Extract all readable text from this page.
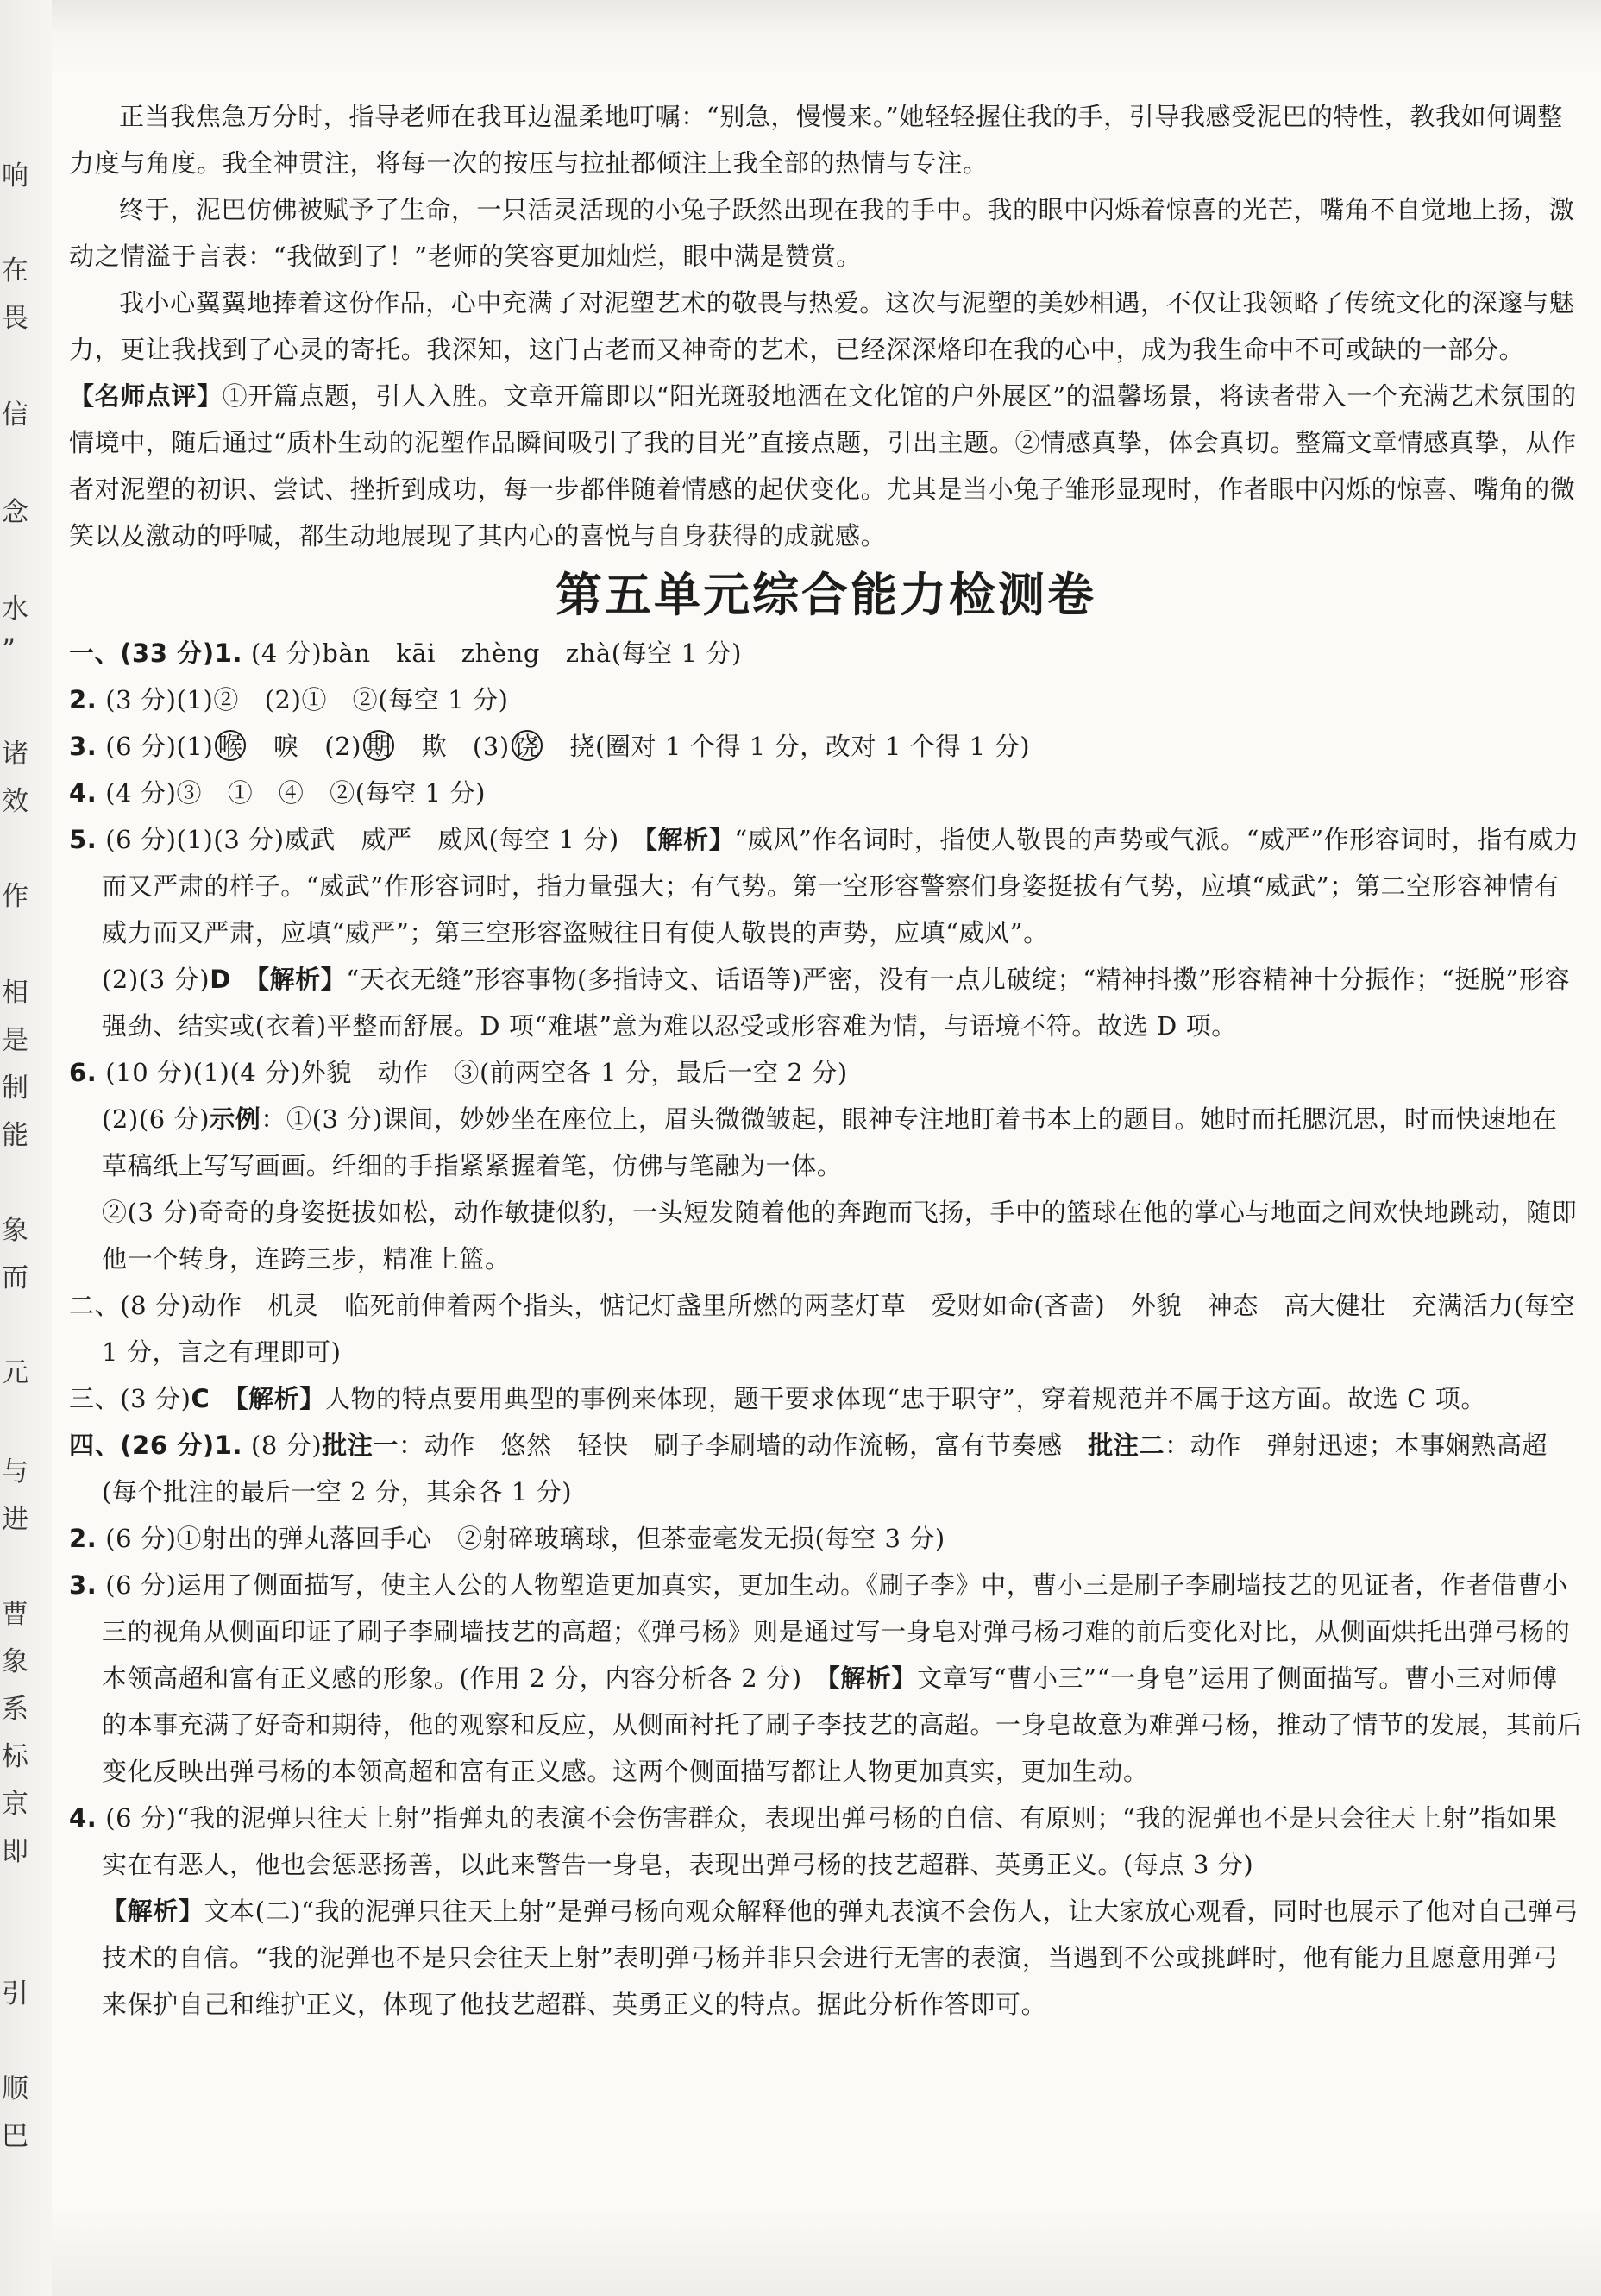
响
在
畏
信
念
水
”
诸
效
作
相
是
制
能
象
而
元
与
进
曹
象
系
标
京
即
引
顺
巴

正当我焦急万分时，指导老师在我耳边温柔地叮嘱：“别急，慢慢来。”她轻轻握住我的手，引导我感受泥巴的特性，教我如何调整力度与角度。我全神贯注，将每一次的按压与拉扯都倾注上我全部的热情与专注。

终于，泥巴仿佛被赋予了生命，一只活灵活现的小兔子跃然出现在我的手中。我的眼中闪烁着惊喜的光芒，嘴角不自觉地上扬，激动之情溢于言表：“我做到了！”老师的笑容更加灿烂，眼中满是赞赏。

我小心翼翼地捧着这份作品，心中充满了对泥塑艺术的敬畏与热爱。这次与泥塑的美妙相遇，不仅让我领略了传统文化的深邃与魅力，更让我找到了心灵的寄托。我深知，这门古老而又神奇的艺术，已经深深烙印在我的心中，成为我生命中不可或缺的一部分。

【名师点评】①开篇点题，引人入胜。文章开篇即以“阳光斑驳地洒在文化馆的户外展区”的温馨场景，将读者带入一个充满艺术氛围的情境中，随后通过“质朴生动的泥塑作品瞬间吸引了我的目光”直接点题，引出主题。②情感真挚，体会真切。整篇文章情感真挚，从作者对泥塑的初识、尝试、挫折到成功，每一步都伴随着情感的起伏变化。尤其是当小兔子雏形显现时，作者眼中闪烁的惊喜、嘴角的微笑以及激动的呼喊，都生动地展现了其内心的喜悦与自身获得的成就感。

第五单元综合能力检测卷

一、(33 分)1. (4 分)bàn　kāi　zhèng　zhà(每空 1 分)

2. (3 分)(1)②　(2)①　②(每空 1 分)

3. (6 分)(1) 喉　唳　(2) 期　欺　(3) 饶　挠(圈对 1 个得 1 分，改对 1 个得 1 分)

4. (4 分)③　①　④　②(每空 1 分)

5. (6 分)(1)(3 分)威武　威严　威风(每空 1 分)　【解析】“威风”作名词时，指使人敬畏的声势或气派。“威严”作形容词时，指有威力而又严肃的样子。“威武”作形容词时，指力量强大；有气势。第一空形容警察们身姿挺拔有气势，应填“威武”；第二空形容神情有威力而又严肃，应填“威严”；第三空形容盗贼往日有使人敬畏的声势，应填“威风”。

(2)(3 分)D　【解析】“天衣无缝”形容事物(多指诗文、话语等)严密，没有一点儿破绽；“精神抖擞”形容精神十分振作；“挺脱”形容强劲、结实或(衣着)平整而舒展。D 项“难堪”意为难以忍受或形容难为情，与语境不符。故选 D 项。

6. (10 分)(1)(4 分)外貌　动作　③(前两空各 1 分，最后一空 2 分)

(2)(6 分)示例：①(3 分)课间，妙妙坐在座位上，眉头微微皱起，眼神专注地盯着书本上的题目。她时而托腮沉思，时而快速地在草稿纸上写写画画。纤细的手指紧紧握着笔，仿佛与笔融为一体。

②(3 分)奇奇的身姿挺拔如松，动作敏捷似豹，一头短发随着他的奔跑而飞扬，手中的篮球在他的掌心与地面之间欢快地跳动，随即他一个转身，连跨三步，精准上篮。

二、(8 分)动作　机灵　临死前伸着两个指头，惦记灯盏里所燃的两茎灯草　爱财如命(吝啬)　外貌　神态　高大健壮　充满活力(每空 1 分，言之有理即可)

三、(3 分)C　【解析】人物的特点要用典型的事例来体现，题干要求体现“忠于职守”，穿着规范并不属于这方面。故选 C 项。

四、(26 分)1. (8 分)批注一：动作　悠然　轻快　刷子李刷墙的动作流畅，富有节奏感　批注二：动作　弹射迅速；本事娴熟高超(每个批注的最后一空 2 分，其余各 1 分)

2. (6 分)①射出的弹丸落回手心　②射碎玻璃球，但茶壶毫发无损(每空 3 分)

3. (6 分)运用了侧面描写，使主人公的人物塑造更加真实，更加生动。《刷子李》中，曹小三是刷子李刷墙技艺的见证者，作者借曹小三的视角从侧面印证了刷子李刷墙技艺的高超；《弹弓杨》则是通过写一身皂对弹弓杨刁难的前后变化对比，从侧面烘托出弹弓杨的本领高超和富有正义感的形象。(作用 2 分，内容分析各 2 分)　【解析】文章写“曹小三”“一身皂”运用了侧面描写。曹小三对师傅的本事充满了好奇和期待，他的观察和反应，从侧面衬托了刷子李技艺的高超。一身皂故意为难弹弓杨，推动了情节的发展，其前后变化反映出弹弓杨的本领高超和富有正义感。这两个侧面描写都让人物更加真实，更加生动。

4. (6 分)“我的泥弹只往天上射”指弹丸的表演不会伤害群众，表现出弹弓杨的自信、有原则；“我的泥弹也不是只会往天上射”指如果实在有恶人，他也会惩恶扬善，以此来警告一身皂，表现出弹弓杨的技艺超群、英勇正义。(每点 3 分)

【解析】文本(二)“我的泥弹只往天上射”是弹弓杨向观众解释他的弹丸表演不会伤人，让大家放心观看，同时也展示了他对自己弹弓技术的自信。“我的泥弹也不是只会往天上射”表明弹弓杨并非只会进行无害的表演，当遇到不公或挑衅时，他有能力且愿意用弹弓来保护自己和维护正义，体现了他技艺超群、英勇正义的特点。据此分析作答即可。
